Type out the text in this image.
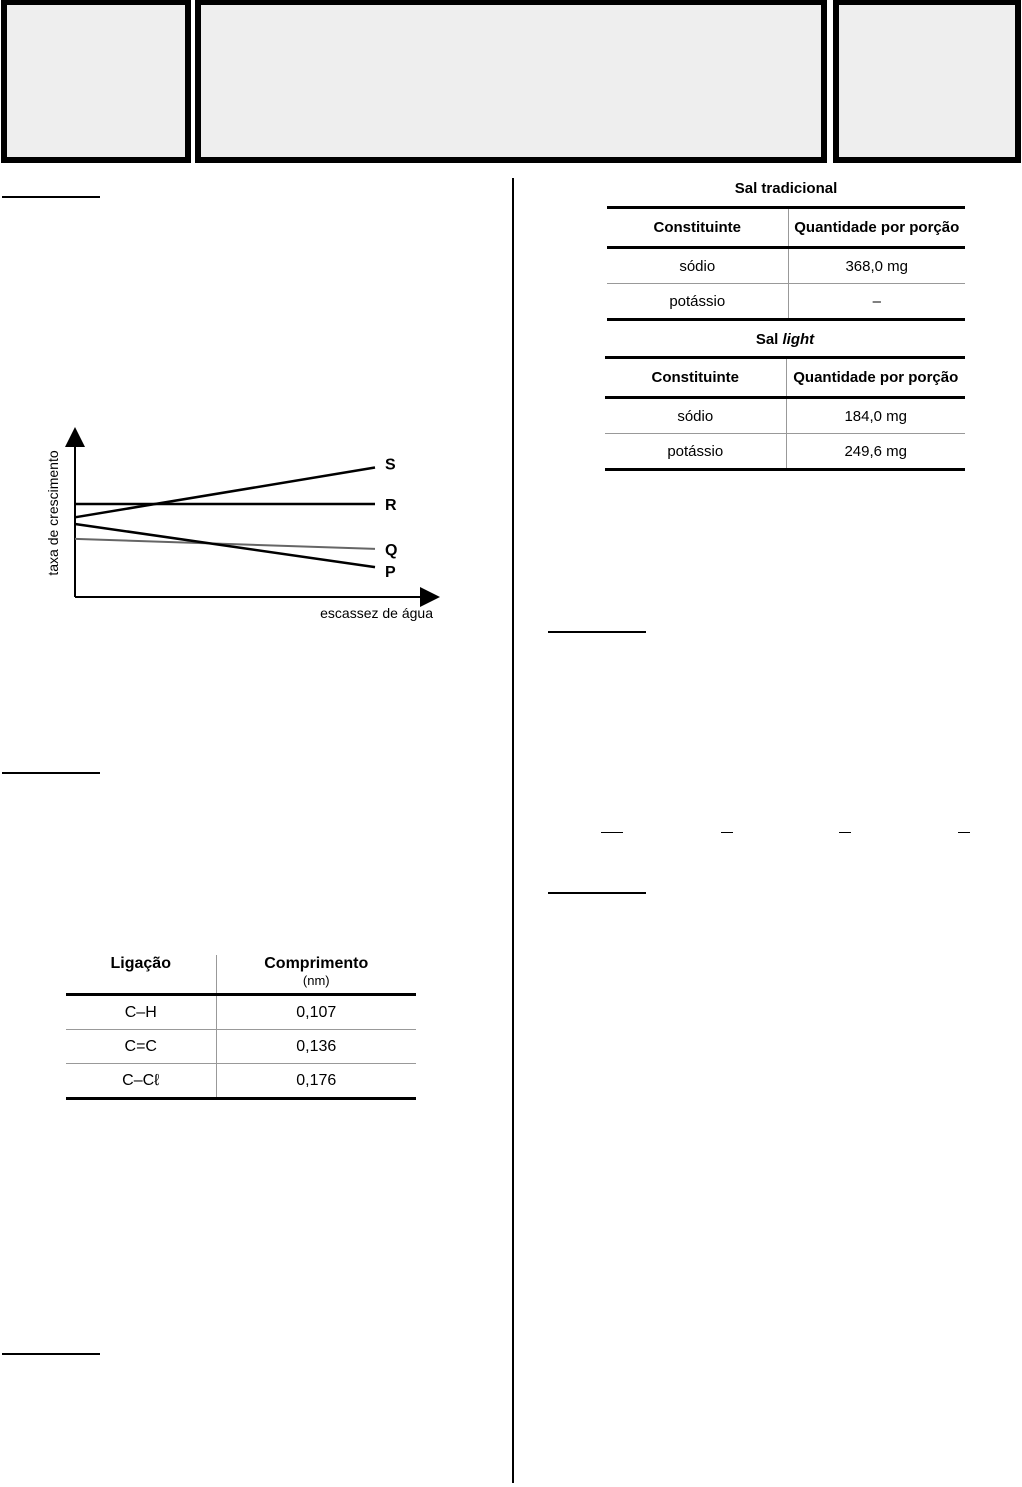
taxa de crescimento
escassez de água
S
R
Q
P
Ligação	Comprimento
(nm)

C–H	0,107
C=C	0,136
C–Cℓ	0,176
Sal tradicional
Constituinte	Quantidade por porção
sódio	368,0 mg
potássio	–
Sal light
Constituinte	Quantidade por porção
sódio	184,0 mg
potássio	249,6 mg
